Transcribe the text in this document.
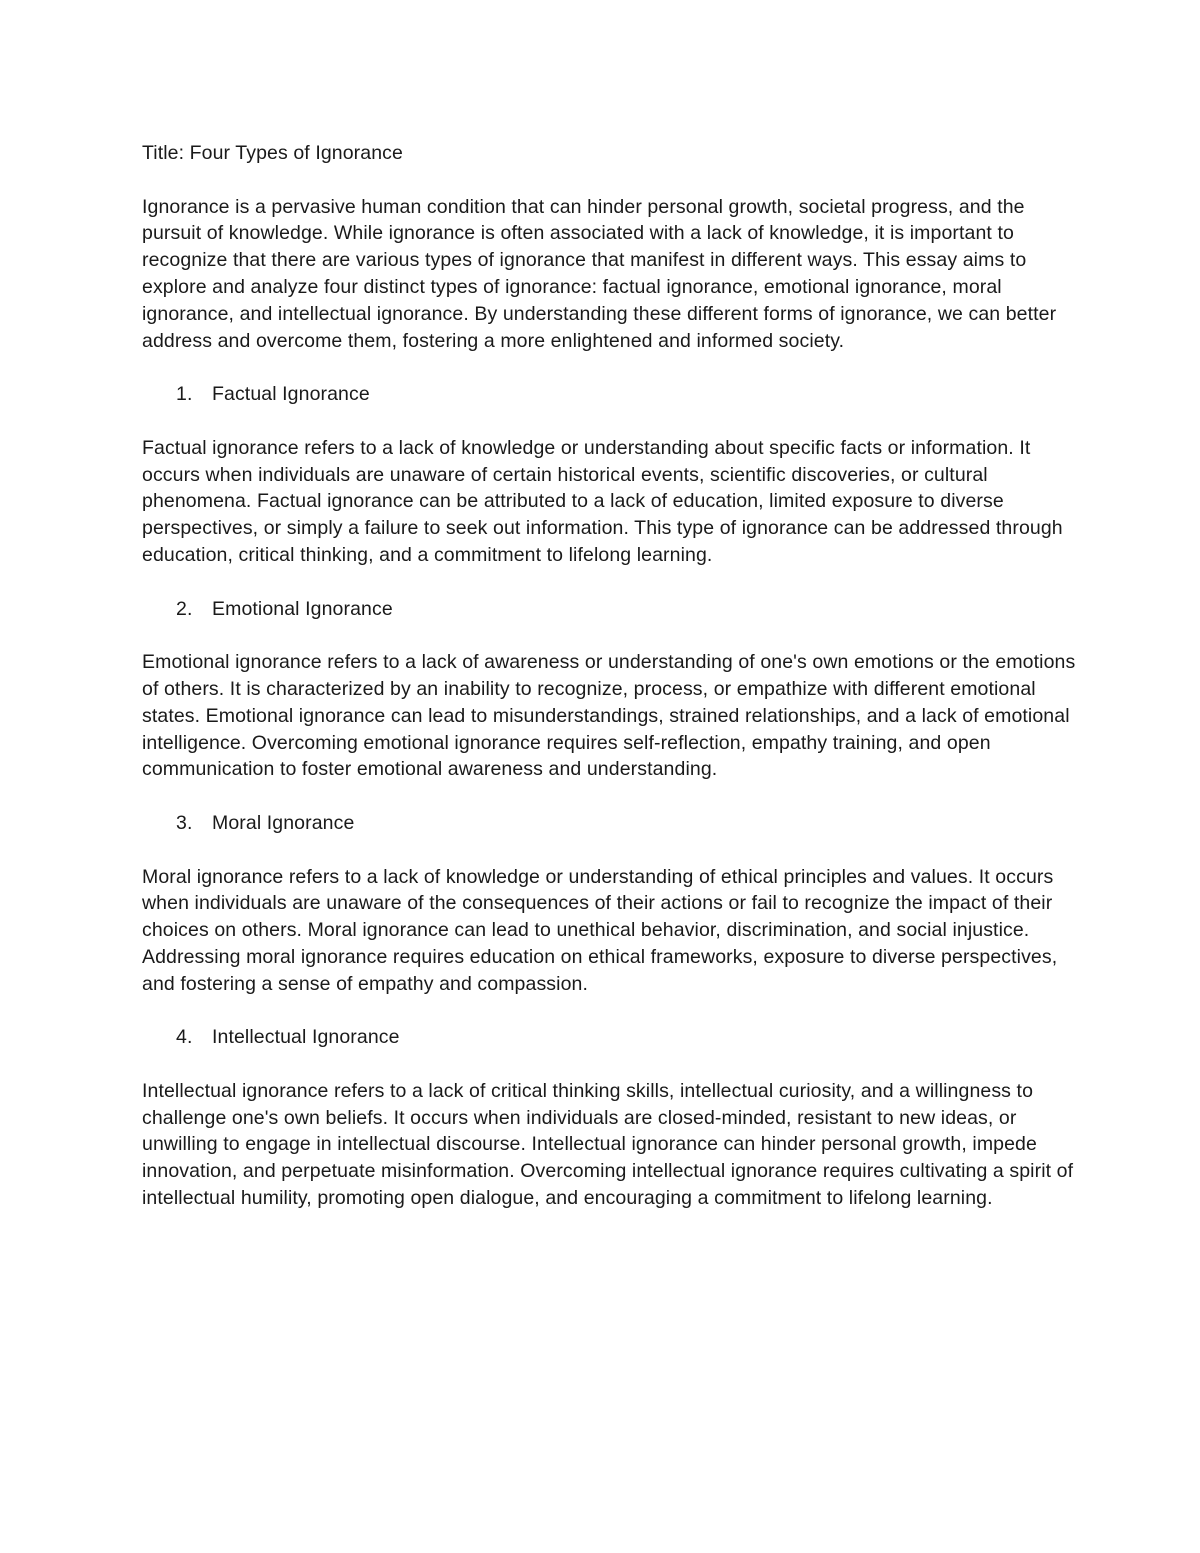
Title: Four Types of Ignorance

Ignorance is a pervasive human condition that can hinder personal growth, societal progress, and the pursuit of knowledge. While ignorance is often associated with a lack of knowledge, it is important to recognize that there are various types of ignorance that manifest in different ways. This essay aims to explore and analyze four distinct types of ignorance: factual ignorance, emotional ignorance, moral ignorance, and intellectual ignorance. By understanding these different forms of ignorance, we can better address and overcome them, fostering a more enlightened and informed society.

1.	Factual Ignorance

Factual ignorance refers to a lack of knowledge or understanding about specific facts or information. It occurs when individuals are unaware of certain historical events, scientific discoveries, or cultural phenomena. Factual ignorance can be attributed to a lack of education, limited exposure to diverse perspectives, or simply a failure to seek out information. This type of ignorance can be addressed through education, critical thinking, and a commitment to lifelong learning.

2.	Emotional Ignorance

Emotional ignorance refers to a lack of awareness or understanding of one's own emotions or the emotions of others. It is characterized by an inability to recognize, process, or empathize with different emotional states. Emotional ignorance can lead to misunderstandings, strained relationships, and a lack of emotional intelligence. Overcoming emotional ignorance requires self-reflection, empathy training, and open communication to foster emotional awareness and understanding.

3.	Moral Ignorance

Moral ignorance refers to a lack of knowledge or understanding of ethical principles and values. It occurs when individuals are unaware of the consequences of their actions or fail to recognize the impact of their choices on others. Moral ignorance can lead to unethical behavior, discrimination, and social injustice. Addressing moral ignorance requires education on ethical frameworks, exposure to diverse perspectives, and fostering a sense of empathy and compassion.

4.	Intellectual Ignorance

Intellectual ignorance refers to a lack of critical thinking skills, intellectual curiosity, and a willingness to challenge one's own beliefs. It occurs when individuals are closed-minded, resistant to new ideas, or unwilling to engage in intellectual discourse. Intellectual ignorance can hinder personal growth, impede innovation, and perpetuate misinformation. Overcoming intellectual ignorance requires cultivating a spirit of intellectual humility, promoting open dialogue, and encouraging a commitment to lifelong learning.
